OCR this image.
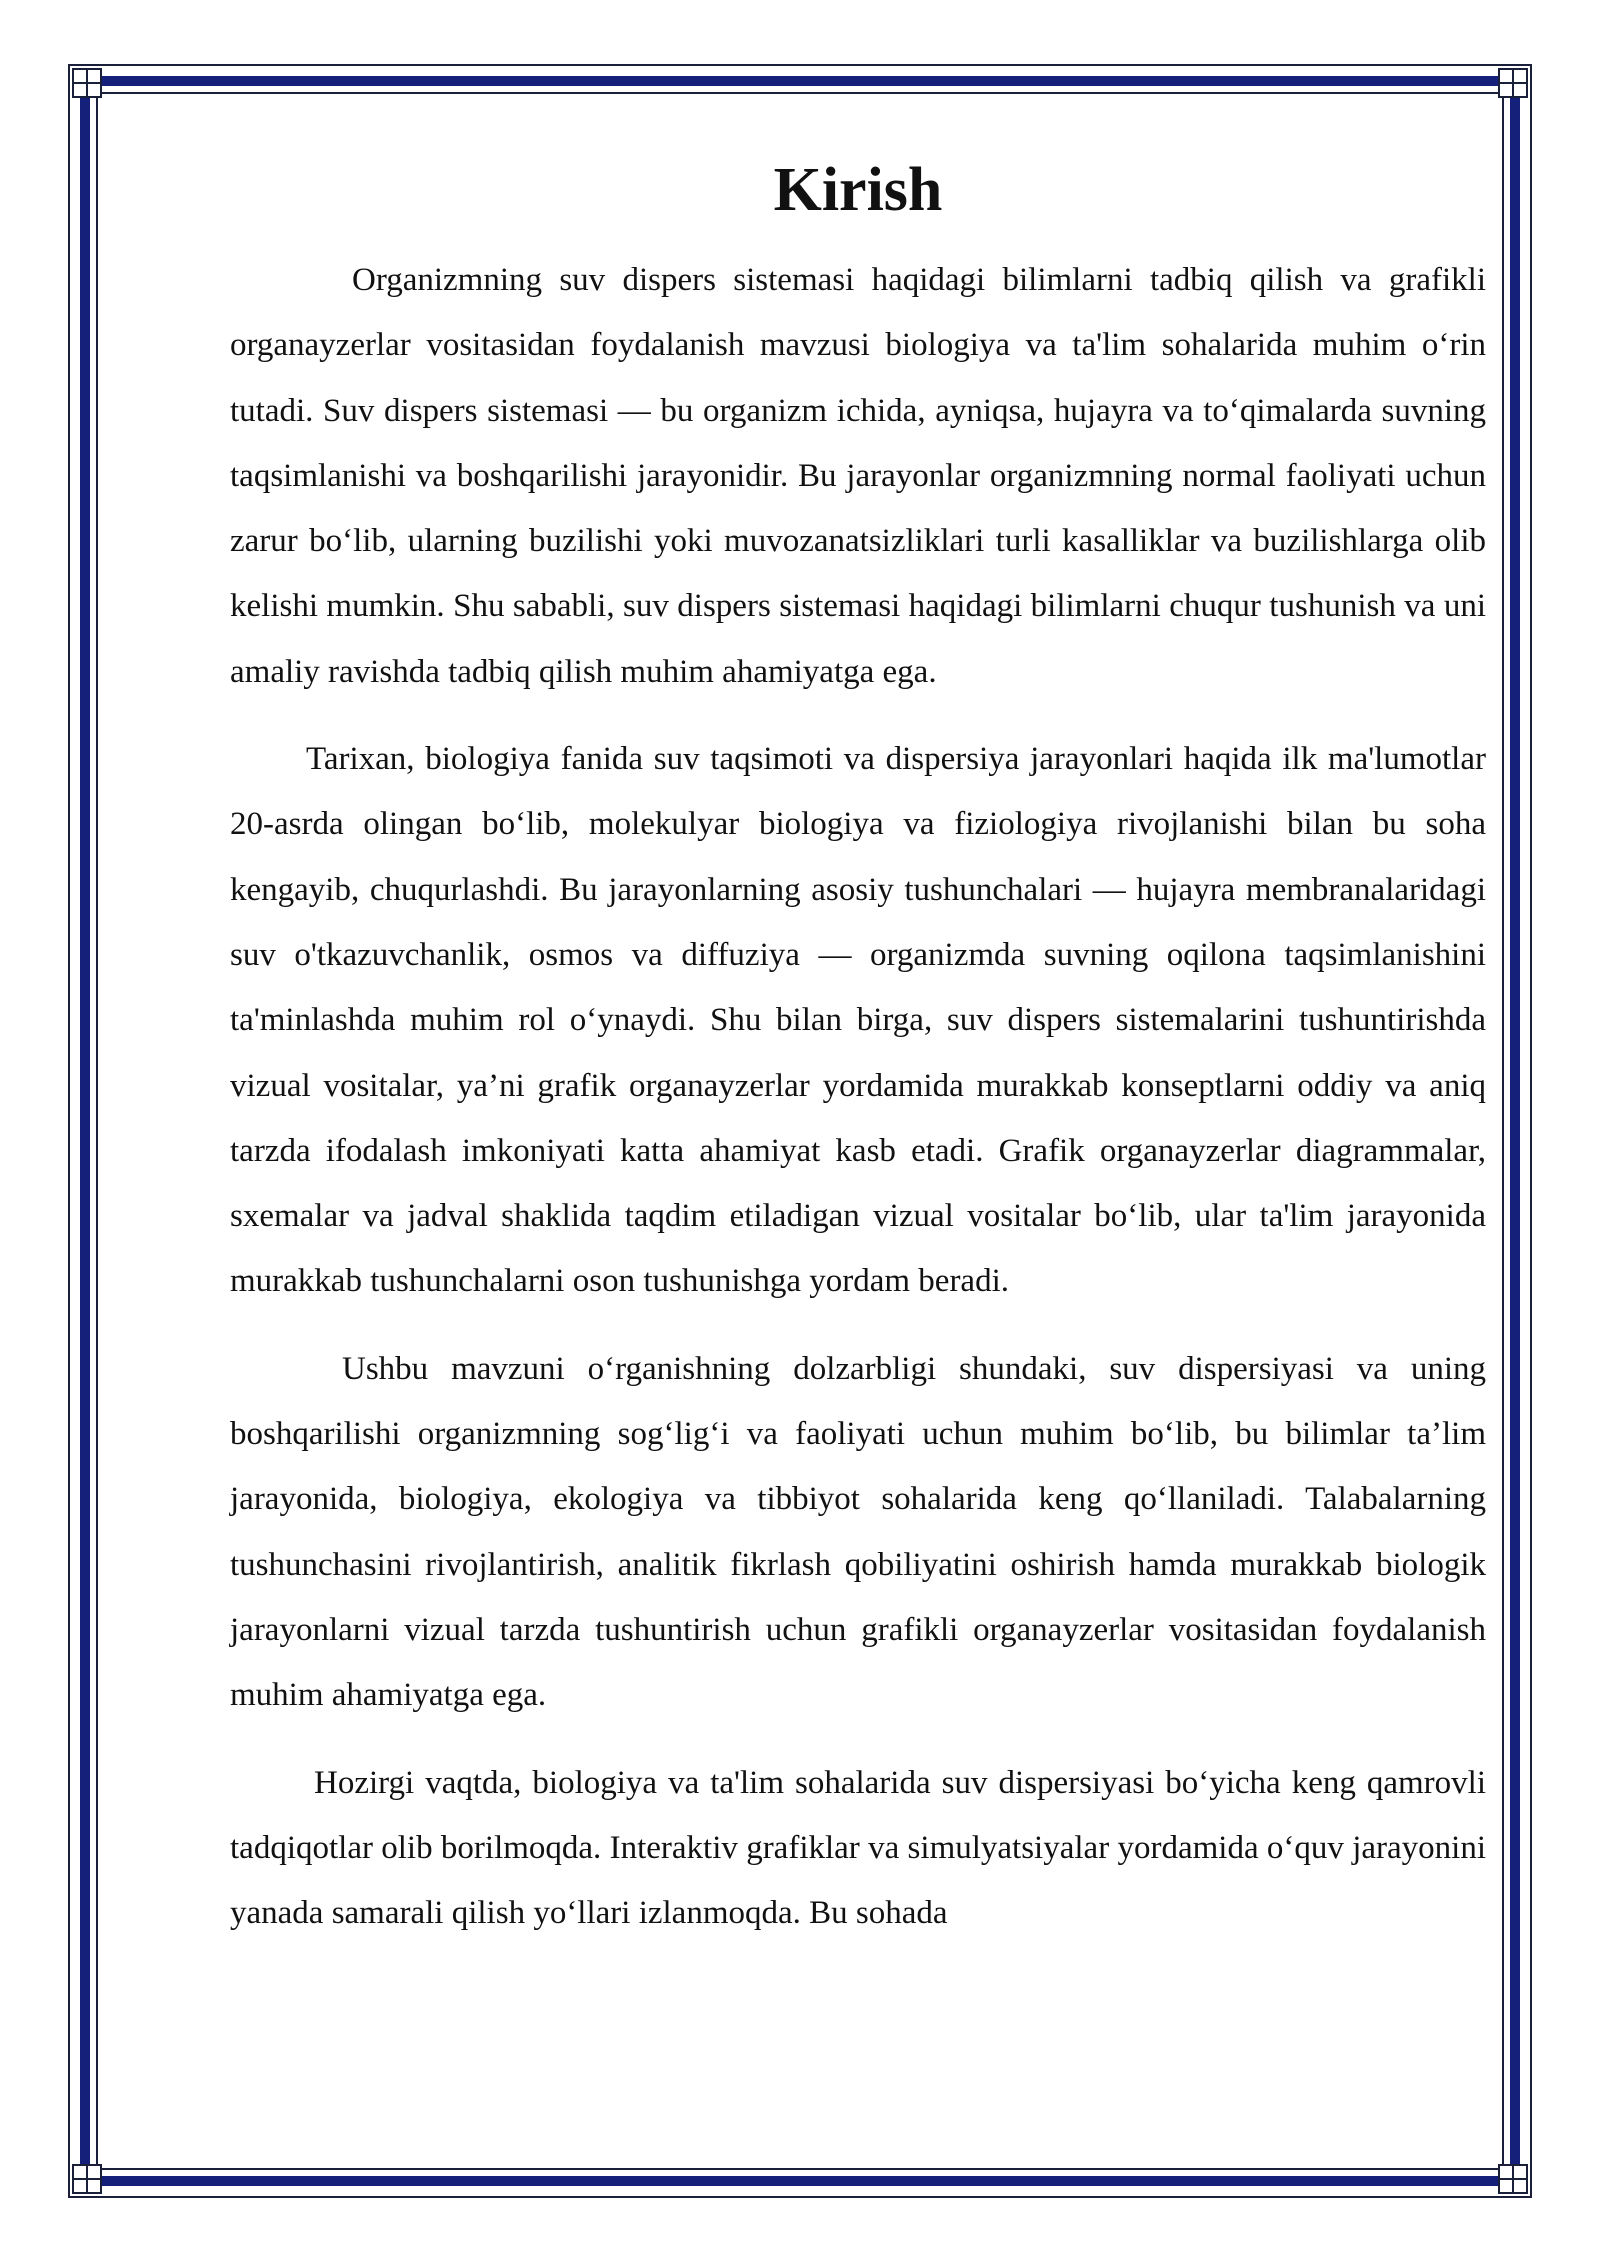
Kirish

Organizmning suv dispers sistemasi haqidagi bilimlarni tadbiq qilish va grafikli organayzerlar vositasidan foydalanish mavzusi biologiya va ta'lim sohalarida muhim o‘rin tutadi. Suv dispers sistemasi — bu organizm ichida, ayniqsa, hujayra va to‘qimalarda suvning taqsimlanishi va boshqarilishi jarayonidir. Bu jarayonlar organizmning normal faoliyati uchun zarur bo‘lib, ularning buzilishi yoki muvozanatsizliklari turli kasalliklar va buzilishlarga olib kelishi mumkin. Shu sababli, suv dispers sistemasi haqidagi bilimlarni chuqur tushunish va uni amaliy ravishda tadbiq qilish muhim ahamiyatga ega.

Tarixan, biologiya fanida suv taqsimoti va dispersiya jarayonlari haqida ilk ma'lumotlar 20-asrda olingan bo‘lib, molekulyar biologiya va fiziologiya rivojlanishi bilan bu soha kengayib, chuqurlashdi. Bu jarayonlarning asosiy tushunchalari — hujayra membranalaridagi suv o'tkazuvchanlik, osmos va diffuziya — organizmda suvning oqilona taqsimlanishini ta'minlashda muhim rol o‘ynaydi. Shu bilan birga, suv dispers sistemalarini tushuntirishda vizual vositalar, ya’ni grafik organayzerlar yordamida murakkab konseptlarni oddiy va aniq tarzda ifodalash imkoniyati katta ahamiyat kasb etadi. Grafik organayzerlar diagrammalar, sxemalar va jadval shaklida taqdim etiladigan vizual vositalar bo‘lib, ular ta'lim jarayonida murakkab tushunchalarni oson tushunishga yordam beradi.

Ushbu mavzuni o‘rganishning dolzarbligi shundaki, suv dispersiyasi va uning boshqarilishi organizmning sog‘lig‘i va faoliyati uchun muhim bo‘lib, bu bilimlar ta’lim jarayonida, biologiya, ekologiya va tibbiyot sohalarida keng qo‘llaniladi. Talabalarning tushunchasini rivojlantirish, analitik fikrlash qobiliyatini oshirish hamda murakkab biologik jarayonlarni vizual tarzda tushuntirish uchun grafikli organayzerlar vositasidan foydalanish muhim ahamiyatga ega.

Hozirgi vaqtda, biologiya va ta'lim sohalarida suv dispersiyasi bo‘yicha keng qamrovli tadqiqotlar olib borilmoqda. Interaktiv grafiklar va simulyatsiyalar yordamida o‘quv jarayonini yanada samarali qilish yo‘llari izlanmoqda. Bu sohada
